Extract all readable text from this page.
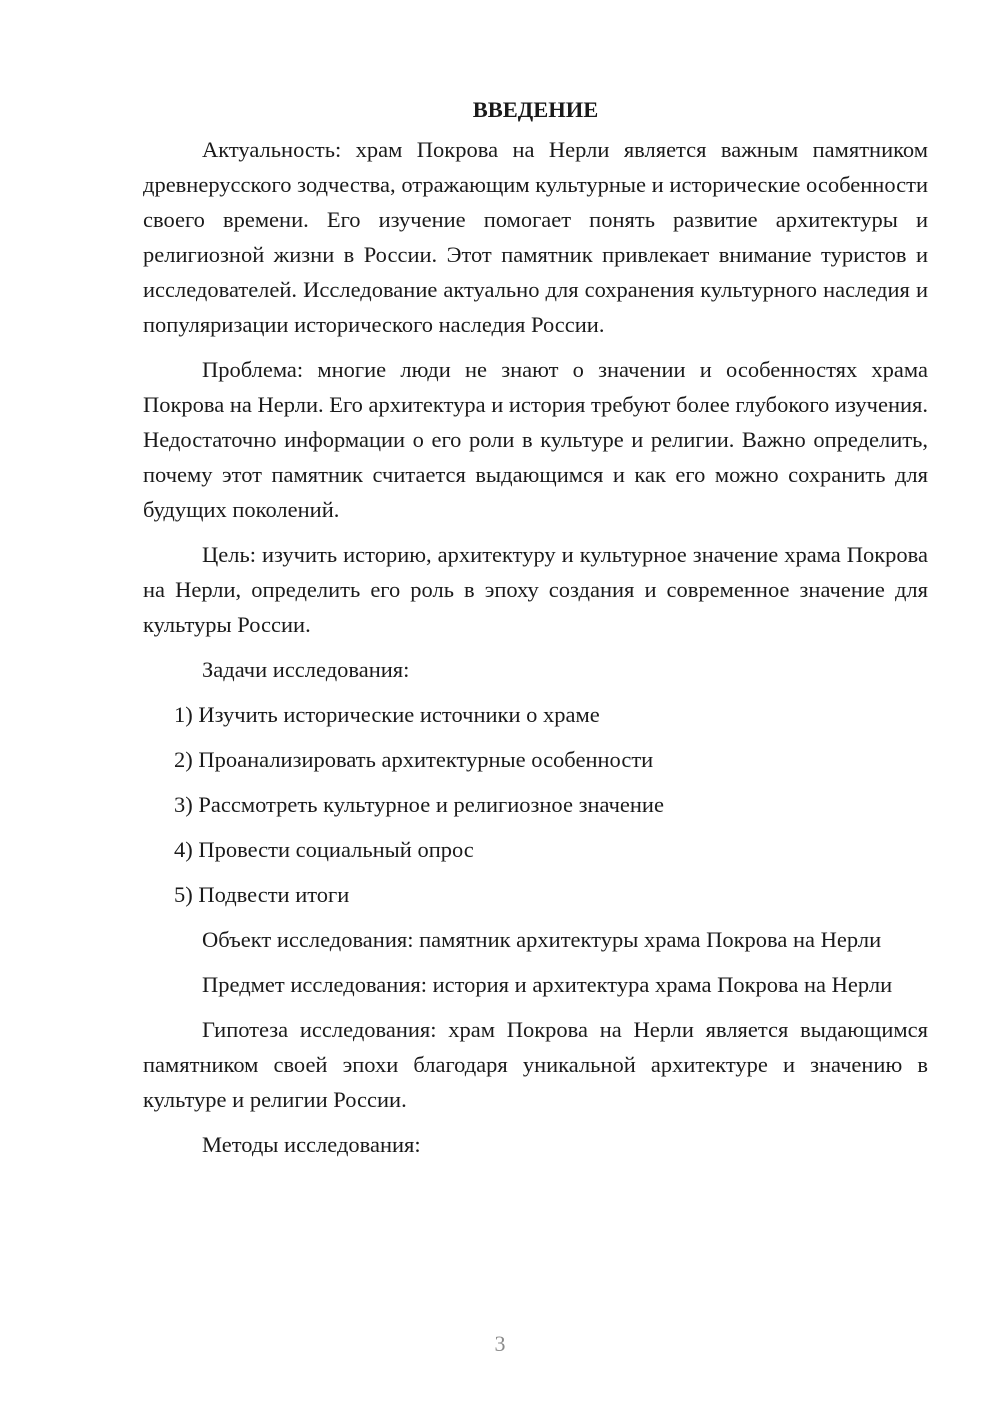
ВВЕДЕНИЕ

Актуальность: храм Покрова на Нерли является важным памятником древнерусского зодчества, отражающим культурные и исторические особенности своего времени. Его изучение помогает понять развитие архитектуры и религиозной жизни в России. Этот памятник привлекает внимание туристов и исследователей. Исследование актуально для сохранения культурного наследия и популяризации исторического наследия России.

Проблема: многие люди не знают о значении и особенностях храма Покрова на Нерли. Его архитектура и история требуют более глубокого изучения. Недостаточно информации о его роли в культуре и религии. Важно определить, почему этот памятник считается выдающимся и как его можно сохранить для будущих поколений.

Цель: изучить историю, архитектуру и культурное значение храма Покрова на Нерли, определить его роль в эпоху создания и современное значение для культуры России.

Задачи исследования:
1) Изучить исторические источники о храме
2) Проанализировать архитектурные особенности
3) Рассмотреть культурное и религиозное значение
4) Провести социальный опрос
5) Подвести итоги

Объект исследования: памятник архитектуры храма Покрова на Нерли

Предмет исследования: история и архитектура храма Покрова на Нерли

Гипотеза исследования: храм Покрова на Нерли является выдающимся памятником своей эпохи благодаря уникальной архитектуре и значению в культуре и религии России.

Методы исследования:
3
